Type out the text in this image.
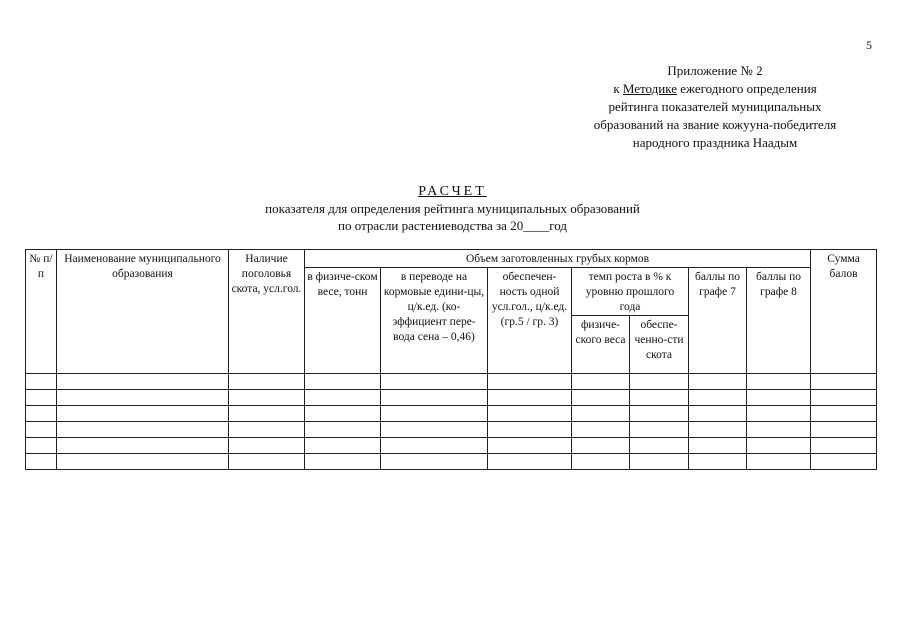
5
Приложение № 2
к Методике ежегодного определения
рейтинга показателей муниципальных
образований на звание кожууна-победителя
народного праздника Наадым
РАСЧЕТ
показателя для определения рейтинга муниципальных образований
по отрасли растениеводства за 20____год
№ п/п	Наименование муниципального образования	Наличие поголовья скота, усл.гол.	Объем заготовленных грубых кормов							Сумма балов
			в физиче-ском весе, тонн	в переводе на кормовые едини-цы, ц/к.ед. (ко-эффициент пере-вода сена – 0,46)	обеспечен-ность одной усл.гол., ц/к.ед. (гр.5 / гр. 3)	темп роста в % к уровню прошлого года		баллы по графе 7	баллы по графе 8	
						физиче-ского веса	обеспе-ченно-сти скота			
